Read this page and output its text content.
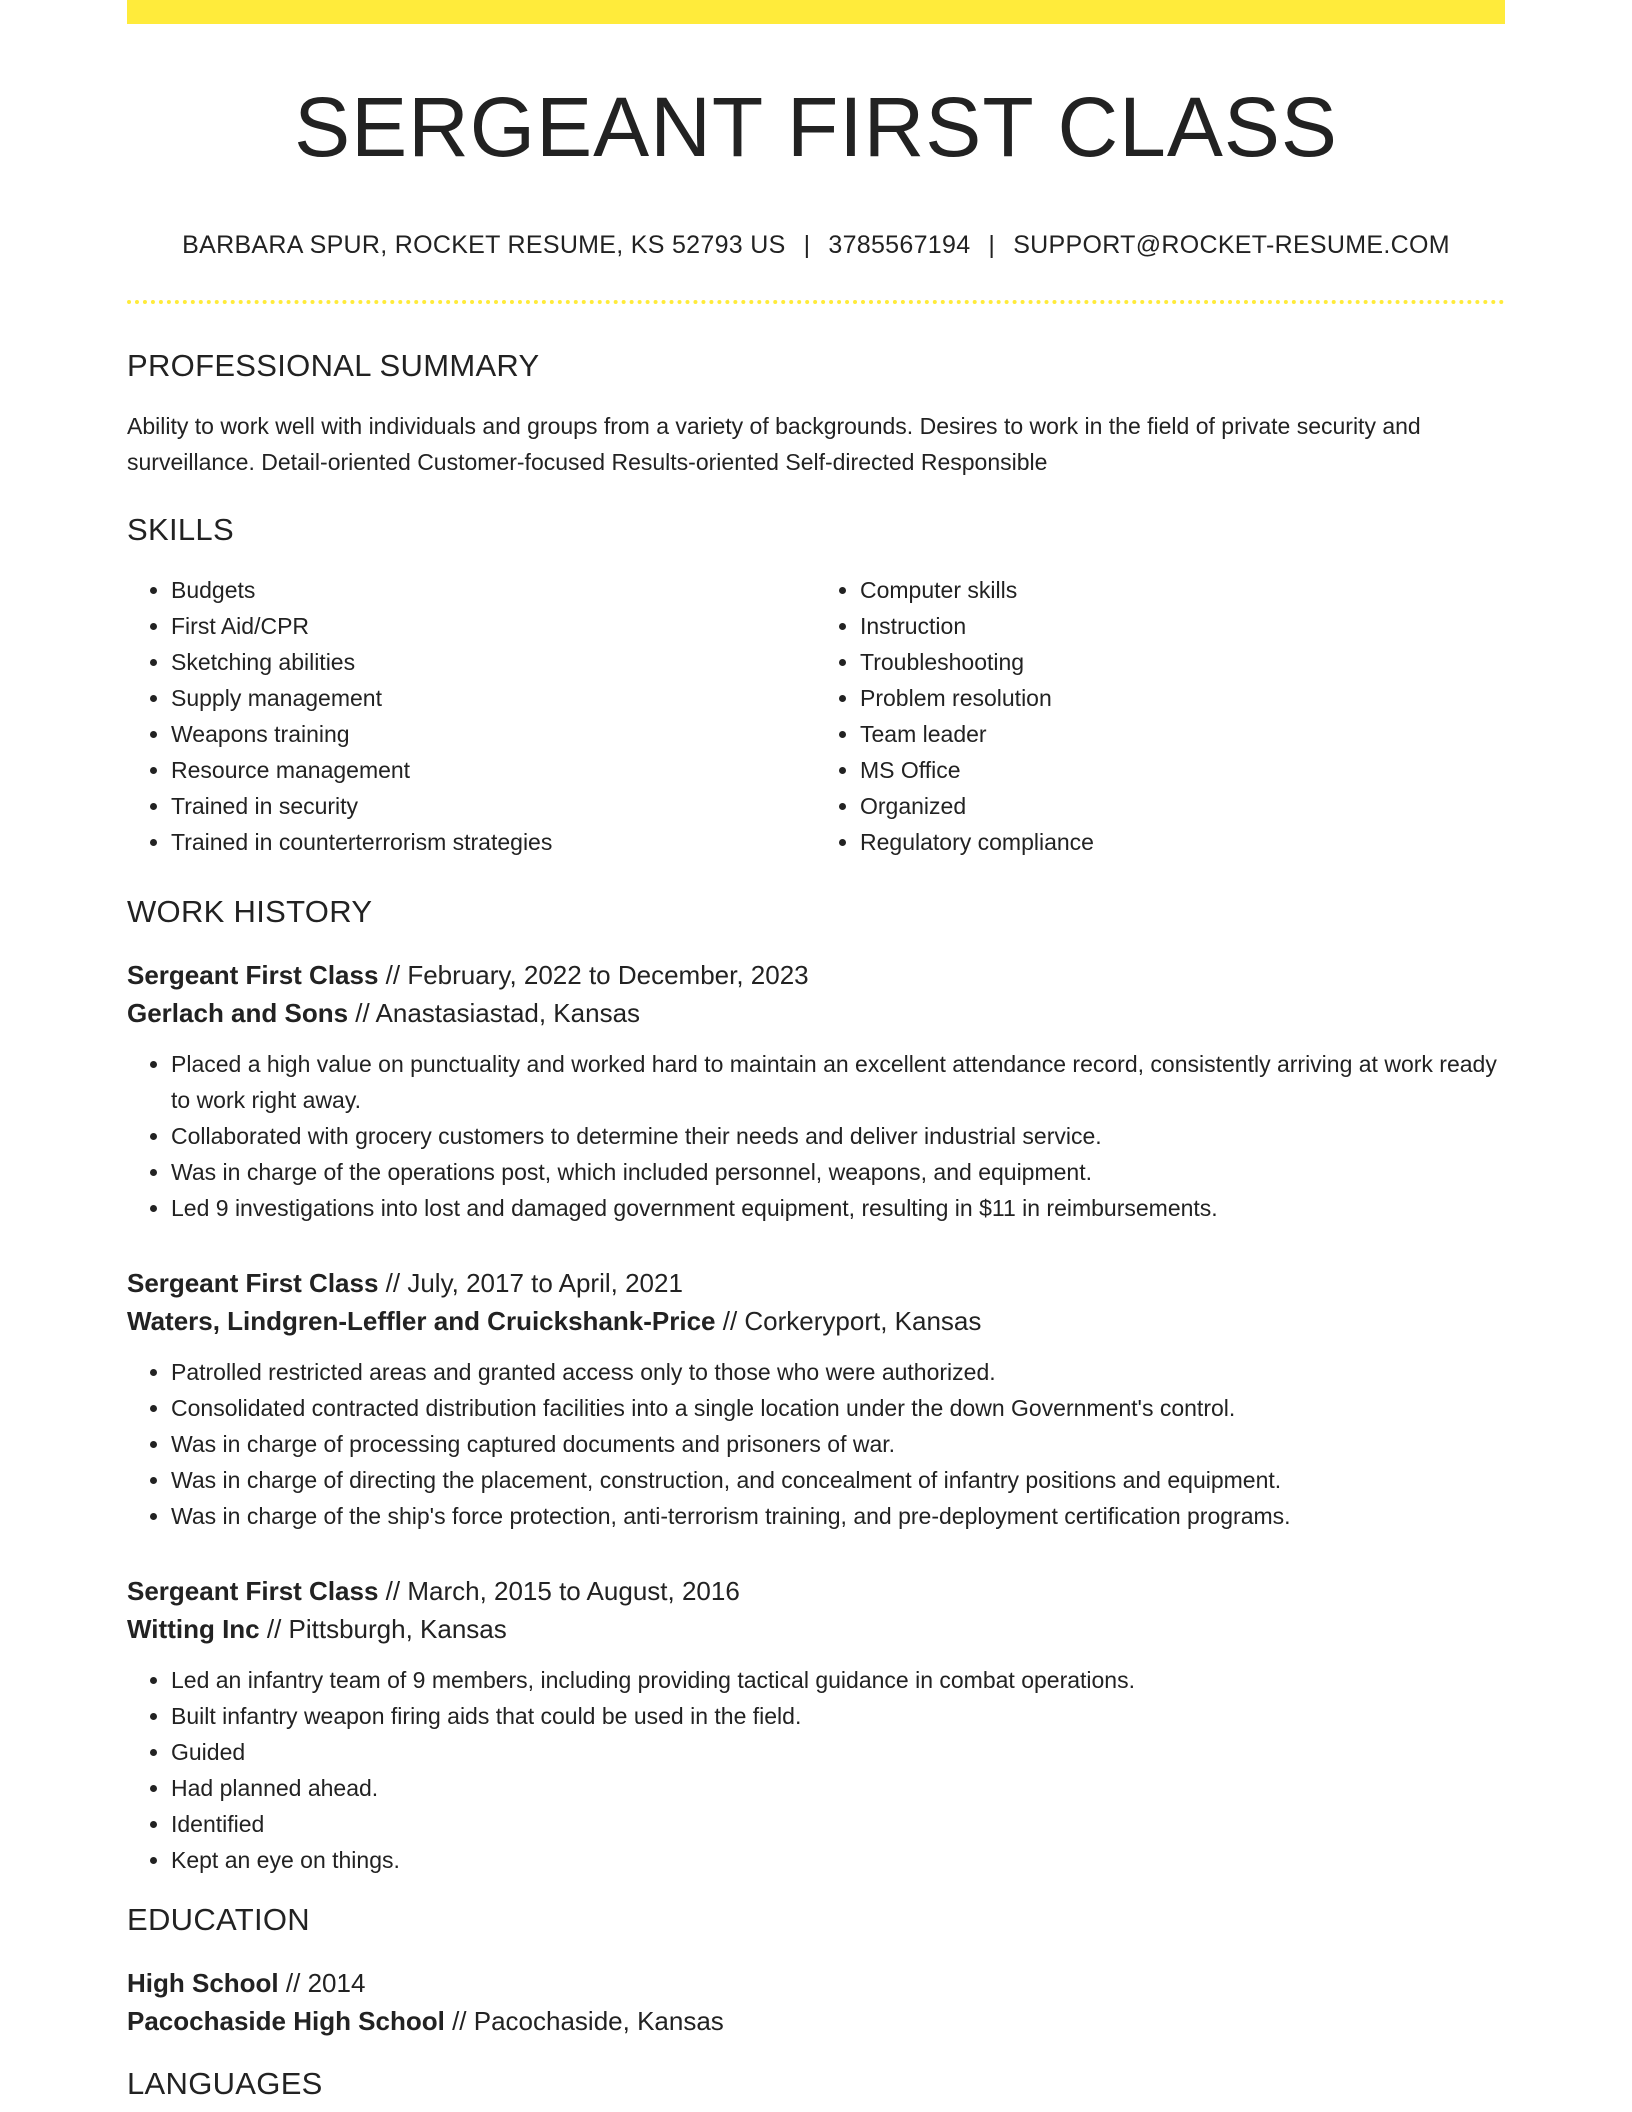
SERGEANT FIRST CLASS
BARBARA SPUR, ROCKET RESUME, KS 52793 US | 3785567194 | SUPPORT@ROCKET-RESUME.COM
PROFESSIONAL SUMMARY
Ability to work well with individuals and groups from a variety of backgrounds. Desires to work in the field of private security and surveillance. Detail-oriented Customer-focused Results-oriented Self-directed Responsible
SKILLS
• Budgets
• First Aid/CPR
• Sketching abilities
• Supply management
• Weapons training
• Resource management
• Trained in security
• Trained in counterterrorism strategies
• Computer skills
• Instruction
• Troubleshooting
• Problem resolution
• Team leader
• MS Office
• Organized
• Regulatory compliance
WORK HISTORY
Sergeant First Class // February, 2022 to December, 2023
Gerlach and Sons // Anastasiastad, Kansas
• Placed a high value on punctuality and worked hard to maintain an excellent attendance record, consistently arriving at work ready to work right away.
• Collaborated with grocery customers to determine their needs and deliver industrial service.
• Was in charge of the operations post, which included personnel, weapons, and equipment.
• Led 9 investigations into lost and damaged government equipment, resulting in $11 in reimbursements.
Sergeant First Class // July, 2017 to April, 2021
Waters, Lindgren-Leffler and Cruickshank-Price // Corkeryport, Kansas
• Patrolled restricted areas and granted access only to those who were authorized.
• Consolidated contracted distribution facilities into a single location under the down Government's control.
• Was in charge of processing captured documents and prisoners of war.
• Was in charge of directing the placement, construction, and concealment of infantry positions and equipment.
• Was in charge of the ship's force protection, anti-terrorism training, and pre-deployment certification programs.
Sergeant First Class // March, 2015 to August, 2016
Witting Inc // Pittsburgh, Kansas
• Led an infantry team of 9 members, including providing tactical guidance in combat operations.
• Built infantry weapon firing aids that could be used in the field.
• Guided
• Had planned ahead.
• Identified
• Kept an eye on things.
EDUCATION
High School // 2014
Pacochaside High School // Pacochaside, Kansas
LANGUAGES
